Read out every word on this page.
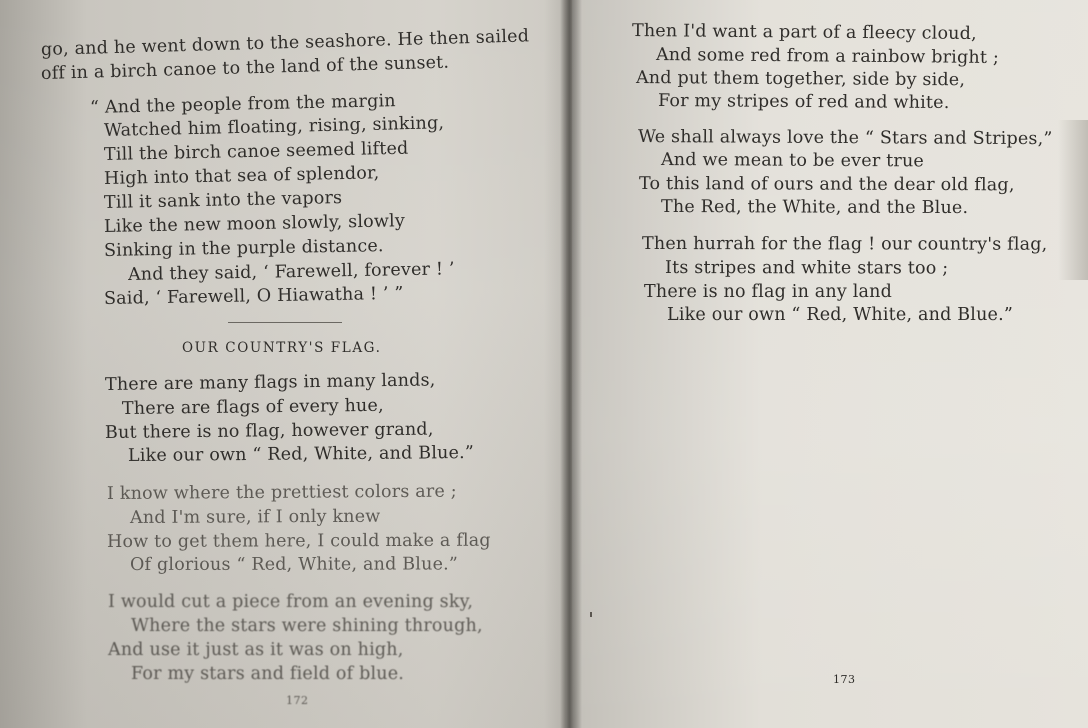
go, and he went down to the seashore. He then sailed
off in a birch canoe to the land of the sunset.
“ And the people from the margin
Watched him floating, rising, sinking,
Till the birch canoe seemed lifted
High into that sea of splendor,
Till it sank into the vapors
Like the new moon slowly, slowly
Sinking in the purple distance.
And they said, ‘ Farewell, forever ! ’
Said, ‘ Farewell, O Hiawatha ! ’ ”
OUR COUNTRY'S FLAG.
There are many flags in many lands,
There are flags of every hue,
But there is no flag, however grand,
Like our own “ Red, White, and Blue.”
I know where the prettiest colors are ;
And I'm sure, if I only knew
How to get them here, I could make a flag
Of glorious “ Red, White, and Blue.”
I would cut a piece from an evening sky,
Where the stars were shining through,
And use it just as it was on high,
For my stars and field of blue.
172
Then I'd want a part of a fleecy cloud,
And some red from a rainbow bright ;
And put them together, side by side,
For my stripes of red and white.
We shall always love the “ Stars and Stripes,”
And we mean to be ever true
To this land of ours and the dear old flag,
The Red, the White, and the Blue.
Then hurrah for the flag ! our country's flag,
Its stripes and white stars too ;
There is no flag in any land
Like our own “ Red, White, and Blue.”
173
